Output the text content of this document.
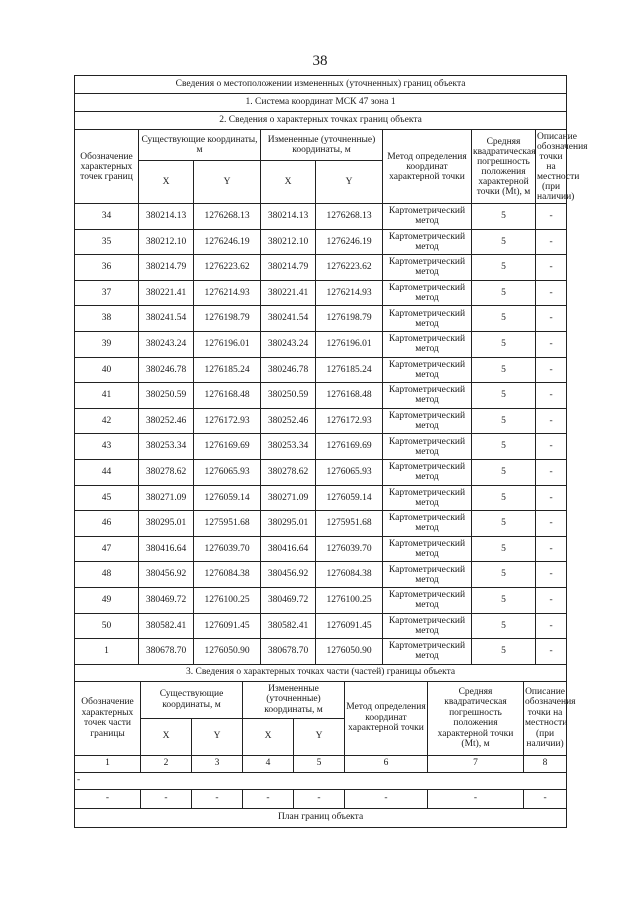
38
Сведения о местоположении измененных (уточненных) границ объекта							
1. Система координат МСК 47 зона 1							
2. Сведения о характерных точках границ объекта							
Обозначение характерных точек границ	Существующие координаты, м		Измененные (уточненные) координаты, м		Метод определения координат характерной точки	Средняя квадратическая погрешность положения характерной точки (Mt), м	Описание обозначения точки на местности (при наличии)
	X	Y	X	Y			
34	380214.13	1276268.13	380214.13	1276268.13	Картометрический метод	5	-
35	380212.10	1276246.19	380212.10	1276246.19	Картометрический метод	5	-
36	380214.79	1276223.62	380214.79	1276223.62	Картометрический метод	5	-
37	380221.41	1276214.93	380221.41	1276214.93	Картометрический метод	5	-
38	380241.54	1276198.79	380241.54	1276198.79	Картометрический метод	5	-
39	380243.24	1276196.01	380243.24	1276196.01	Картометрический метод	5	-
40	380246.78	1276185.24	380246.78	1276185.24	Картометрический метод	5	-
41	380250.59	1276168.48	380250.59	1276168.48	Картометрический метод	5	-
42	380252.46	1276172.93	380252.46	1276172.93	Картометрический метод	5	-
43	380253.34	1276169.69	380253.34	1276169.69	Картометрический метод	5	-
44	380278.62	1276065.93	380278.62	1276065.93	Картометрический метод	5	-
45	380271.09	1276059.14	380271.09	1276059.14	Картометрический метод	5	-
46	380295.01	1275951.68	380295.01	1275951.68	Картометрический метод	5	-
47	380416.64	1276039.70	380416.64	1276039.70	Картометрический метод	5	-
48	380456.92	1276084.38	380456.92	1276084.38	Картометрический метод	5	-
49	380469.72	1276100.25	380469.72	1276100.25	Картометрический метод	5	-
50	380582.41	1276091.45	380582.41	1276091.45	Картометрический метод	5	-
1	380678.70	1276050.90	380678.70	1276050.90	Картометрический метод	5	-
3. Сведения о характерных точках части (частей) границы объекта							
Обозначение характерных точек части границы	Существующие координаты, м		Измененные (уточненные) координаты, м		Метод определения координат характерной точки	Средняя квадратическая погрешность положения характерной точки (Mt), м	Описание обозначения точки на местности (при наличии)
	X	Y	X	Y			
1	2	3	4	5	6	7	8
-							
-	-	-	-	-	-	-	-
План границ объекта							
